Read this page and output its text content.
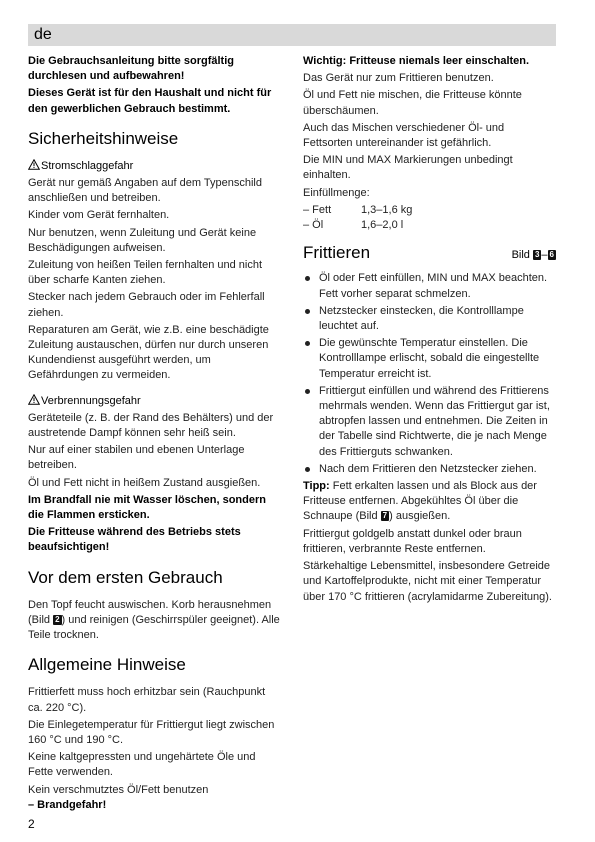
de

Die Gebrauchsanleitung bitte sorgfältig durchlesen und aufbewahren!

Dieses Gerät ist für den Haushalt und nicht für den gewerblichen Gebrauch bestimmt.

Sicherheitshinweise
Stromschlaggefahr

Gerät nur gemäß Angaben auf dem Typenschild anschließen und betreiben.

Kinder vom Gerät fernhalten.

Nur benutzen, wenn Zuleitung und Gerät keine Beschädigungen aufweisen.

Zuleitung von heißen Teilen fernhalten und nicht über scharfe Kanten ziehen.

Stecker nach jedem Gebrauch oder im Fehlerfall ziehen.

Reparaturen am Gerät, wie z.B. eine beschädigte Zuleitung austauschen, dürfen nur durch unseren Kundendienst ausgeführt werden, um Gefährdungen zu vermeiden.

Verbrennungsgefahr

Geräteteile (z. B. der Rand des Behälters) und der austretende Dampf können sehr heiß sein.

Nur auf einer stabilen und ebenen Unterlage betreiben.

Öl und Fett nicht in heißem Zustand ausgießen.

Im Brandfall nie mit Wasser löschen, sondern die Flammen ersticken.

Die Fritteuse während des Betriebs stets beaufsichtigen!

Vor dem ersten Gebrauch

Den Topf feucht auswischen. Korb herausnehmen (Bild 2 ) und reinigen (Geschirrspüler geeignet). Alle Teile trocknen.

Allgemeine Hinweise

Frittierfett muss hoch erhitzbar sein (Rauchpunkt ca. 220 °C).

Die Einlegetemperatur für Frittiergut liegt zwischen 160 °C und 190 °C.

Keine kaltgepressten und ungehärtete Öle und Fette verwenden.

Kein verschmutztes Öl/Fett benutzen
– Brandgefahr!

Wichtig: Fritteuse niemals leer einschalten.

Das Gerät nur zum Frittieren benutzen.

Öl und Fett nie mischen, die Fritteuse könnte überschäumen.

Auch das Mischen verschiedener Öl- und Fettsorten untereinander ist gefährlich.

Die MIN und MAX Markierungen unbedingt einhalten.

Einfüllmenge:

– Fett	1,3–1,6 kg
– Öl	1,6–2,0 l
Frittieren	Bild 3 – 6
Öl oder Fett einfüllen, MIN und MAX beachten. Fett vorher separat schmelzen.
Netzstecker einstecken, die Kontrolllampe leuchtet auf.
Die gewünschte Temperatur einstellen. Die Kontrolllampe erlischt, sobald die eingestellte Temperatur erreicht ist.
Frittiergut einfüllen und während des Frittierens mehrmals wenden. Wenn das Frittiergut gar ist, abtropfen lassen und entnehmen. Die Zeiten in der Tabelle sind Richtwerte, die je nach Menge des Frittierguts schwanken.
Nach dem Frittieren den Netzstecker ziehen.

Tipp: Fett erkalten lassen und als Block aus der Fritteuse entfernen. Abgekühltes Öl über die Schnaupe (Bild 7 ) ausgießen.

Frittiergut goldgelb anstatt dunkel oder braun frittieren, verbrannte Reste entfernen.

Stärkehaltige Lebensmittel, insbesondere Getreide und Kartoffelprodukte, nicht mit einer Temperatur über 170 °C frittieren (acrylamidarme Zubereitung).

2
